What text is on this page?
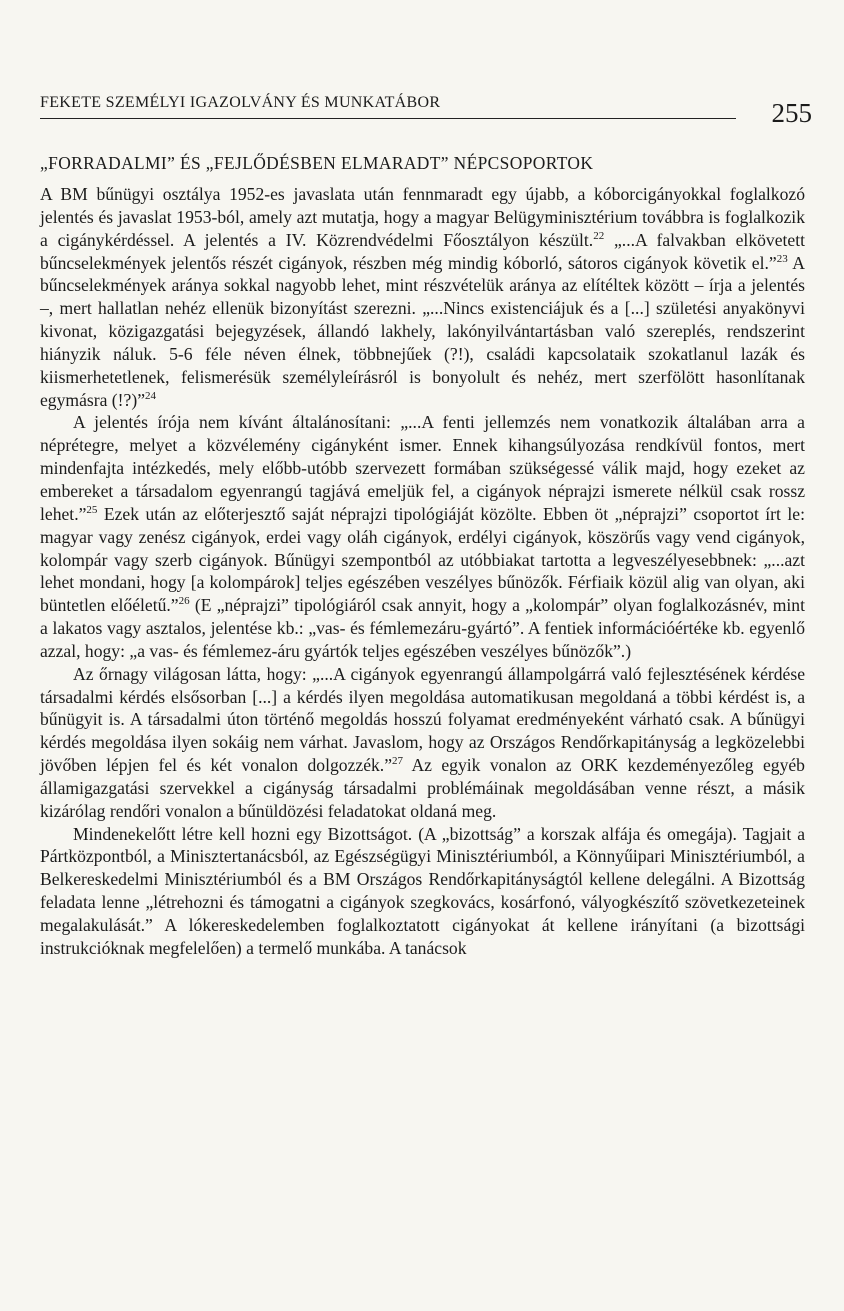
FEKETE SZEMÉLYI IGAZOLVÁNY ÉS MUNKATÁBOR	255
„FORRADALMI” ÉS „FEJLŐDÉSBEN ELMARADT” NÉPCSOPORTOK

A BM bűnügyi osztálya 1952-es javaslata után fennmaradt egy újabb, a kóborcigányokkal foglalkozó jelentés és javaslat 1953-ból, amely azt mutatja, hogy a magyar Belügyminisztérium továbbra is foglalkozik a cigánykérdéssel. A jelentés a IV. Közrendvédelmi Főosztályon készült.$^{22}$ „...A falvakban elkövetett bűncselekmények jelentős részét cigányok, részben még mindig kóborló, sátoros cigányok követik el.”$^{23}$ A bűncselekmények aránya sokkal nagyobb lehet, mint részvételük aránya az elítéltek között – írja a jelentés –, mert hallatlan nehéz ellenük bizonyítást szerezni. „...Nincs existenciájuk és a [...] születési anyakönyvi kivonat, közigazgatási bejegyzések, állandó lakhely, lakónyilvántartásban való szereplés, rendszerint hiányzik náluk. 5-6 féle néven élnek, többnejűek (?!), családi kapcsolataik szokatlanul lazák és kiismerhetetlenek, felismerésük személyleírásról is bonyolult és nehéz, mert szerfölött hasonlítanak egymásra (!?)”$^{24}$

A jelentés írója nem kívánt általánosítani: „...A fenti jellemzés nem vonatkozik általában arra a néprétegre, melyet a közvélemény cigányként ismer. Ennek kihangsúlyozása rendkívül fontos, mert mindenfajta intézkedés, mely előbb-utóbb szervezett formában szükségessé válik majd, hogy ezeket az embereket a társadalom egyenrangú tagjává emeljük fel, a cigányok néprajzi ismerete nélkül csak rossz lehet.”$^{25}$ Ezek után az előterjesztő saját néprajzi tipológiáját közölte. Ebben öt „néprajzi” csoportot írt le: magyar vagy zenész cigányok, erdei vagy oláh cigányok, erdélyi cigányok, köszörűs vagy vend cigányok, kolompár vagy szerb cigányok. Bűnügyi szempontból az utóbbiakat tartotta a legveszélyesebbnek: „...azt lehet mondani, hogy [a kolompárok] teljes egészében veszélyes bűnözők. Férfiaik közül alig van olyan, aki büntetlen előéletű.”$^{26}$ (E „néprajzi” tipológiáról csak annyit, hogy a „kolompár” olyan foglalkozásnév, mint a lakatos vagy asztalos, jelentése kb.: „vas- és fémlemezáru-gyártó”. A fentiek információértéke kb. egyenlő azzal, hogy: „a vas- és fémlemez-áru gyártók teljes egészében veszélyes bűnözők”.)

Az őrnagy világosan látta, hogy: „...A cigányok egyenrangú állampolgárrá való fejlesztésének kérdése társadalmi kérdés elsősorban [...] a kérdés ilyen megoldása automatikusan megoldaná a többi kérdést is, a bűnügyit is. A társadalmi úton történő megoldás hosszú folyamat eredményeként várható csak. A bűnügyi kérdés megoldása ilyen sokáig nem várhat. Javaslom, hogy az Országos Rendőrkapitányság a legközelebbi jövőben lépjen fel és két vonalon dolgozzék.”$^{27}$ Az egyik vonalon az ORK kezdeményezőleg egyéb államigazgatási szervekkel a cigányság társadalmi problémáinak megoldásában venne részt, a másik kizárólag rendőri vonalon a bűnüldözési feladatokat oldaná meg.

Mindenekelőtt létre kell hozni egy Bizottságot. (A „bizottság” a korszak alfája és omegája). Tagjait a Pártközpontból, a Minisztertanácsból, az Egészségügyi Minisztériumból, a Könnyűipari Minisztériumból, a Belkereskedelmi Minisztériumból és a BM Országos Rendőrkapitányságtól kellene delegálni. A Bizottság feladata lenne „létrehozni és támogatni a cigányok szegkovács, kosárfonó, vályogkészítő szövetkezeteinek megalakulását.” A lókereskedelemben foglalkoztatott cigányokat át kellene irányítani (a bizottsági instrukcióknak megfelelően) a termelő munkába. A tanácsok
